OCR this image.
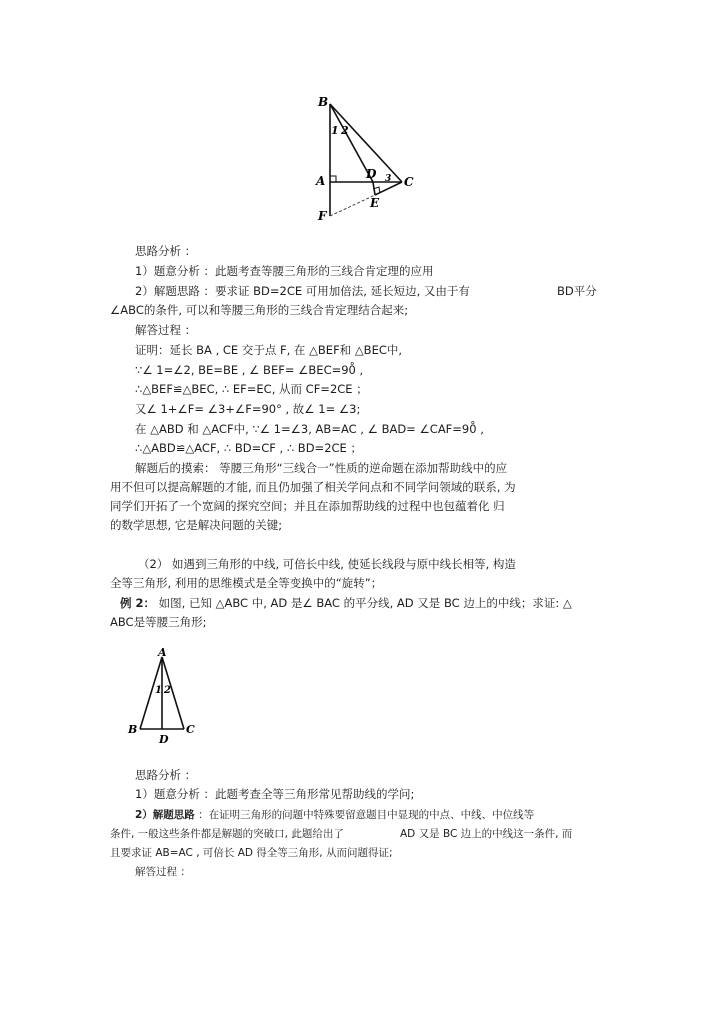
B
A	C
D
E
F
1 2
3
思路分析 ：
1）题意分析 ：此题考查等腰三角形的三线合肯定理的应用
2）解题思路 ：要求证 BD=2CE 可用加倍法, 延长短边, 又由于有	BD平分
∠ABC的条件, 可以和等腰三角形的三线合肯定理结合起来;
解答过程 ：
证明：延长 BA , CE 交于点 F, 在 △BEF和 △BEC中,
∵∠ 1=∠2, BE=BE , ∠ BEF= ∠BEC=90̊ ,
∴△BEF≌△BEC, ∴ EF=EC, 从而 CF=2CE ；
又∠ 1+∠F= ∠3+∠F=90° , 故∠ 1= ∠3;
在 △ABD 和 △ACF中, ∵∠ 1=∠3, AB=AC , ∠ BAD= ∠CAF=90̊ ,
∴△ABD≌△ACF, ∴ BD=CF , ∴ BD=2CE ；
解题后的摸索： 等腰三角形“三线合一”性质的逆命题在添加帮助线中的应
用不但可以提高解题的才能, 而且仍加强了相关学问点和不同学问领域的联系, 为
同学们开拓了一个宽阔的探究空间；并且在添加帮助线的过程中也包蕴着化 归
的数学思想, 它是解决问题的关键;
（2） 如遇到三角形的中线, 可倍长中线, 使延长线段与原中线长相等, 构造
全等三角形, 利用的思维模式是全等变换中的“旋转”；
例 2： 如图, 已知 △ABC 中, AD 是∠ BAC 的平分线, AD 又是 BC 边上的中线；求证: △
ABC是等腰三角形;
A
B	C
D
1 2
思路分析 ：
1）题意分析 ：此题考查全等三角形常见帮助线的学问;
2）解题思路 ：在证明三角形的问题中特殊要留意题目中显现的中点、中线、中位线等
条件, 一般这些条件都是解题的突破口, 此题给出了	AD 又是 BC 边上的中线这一条件, 而
且要求证 AB=AC , 可倍长 AD 得全等三角形, 从而问题得证;
解答过程 ：
